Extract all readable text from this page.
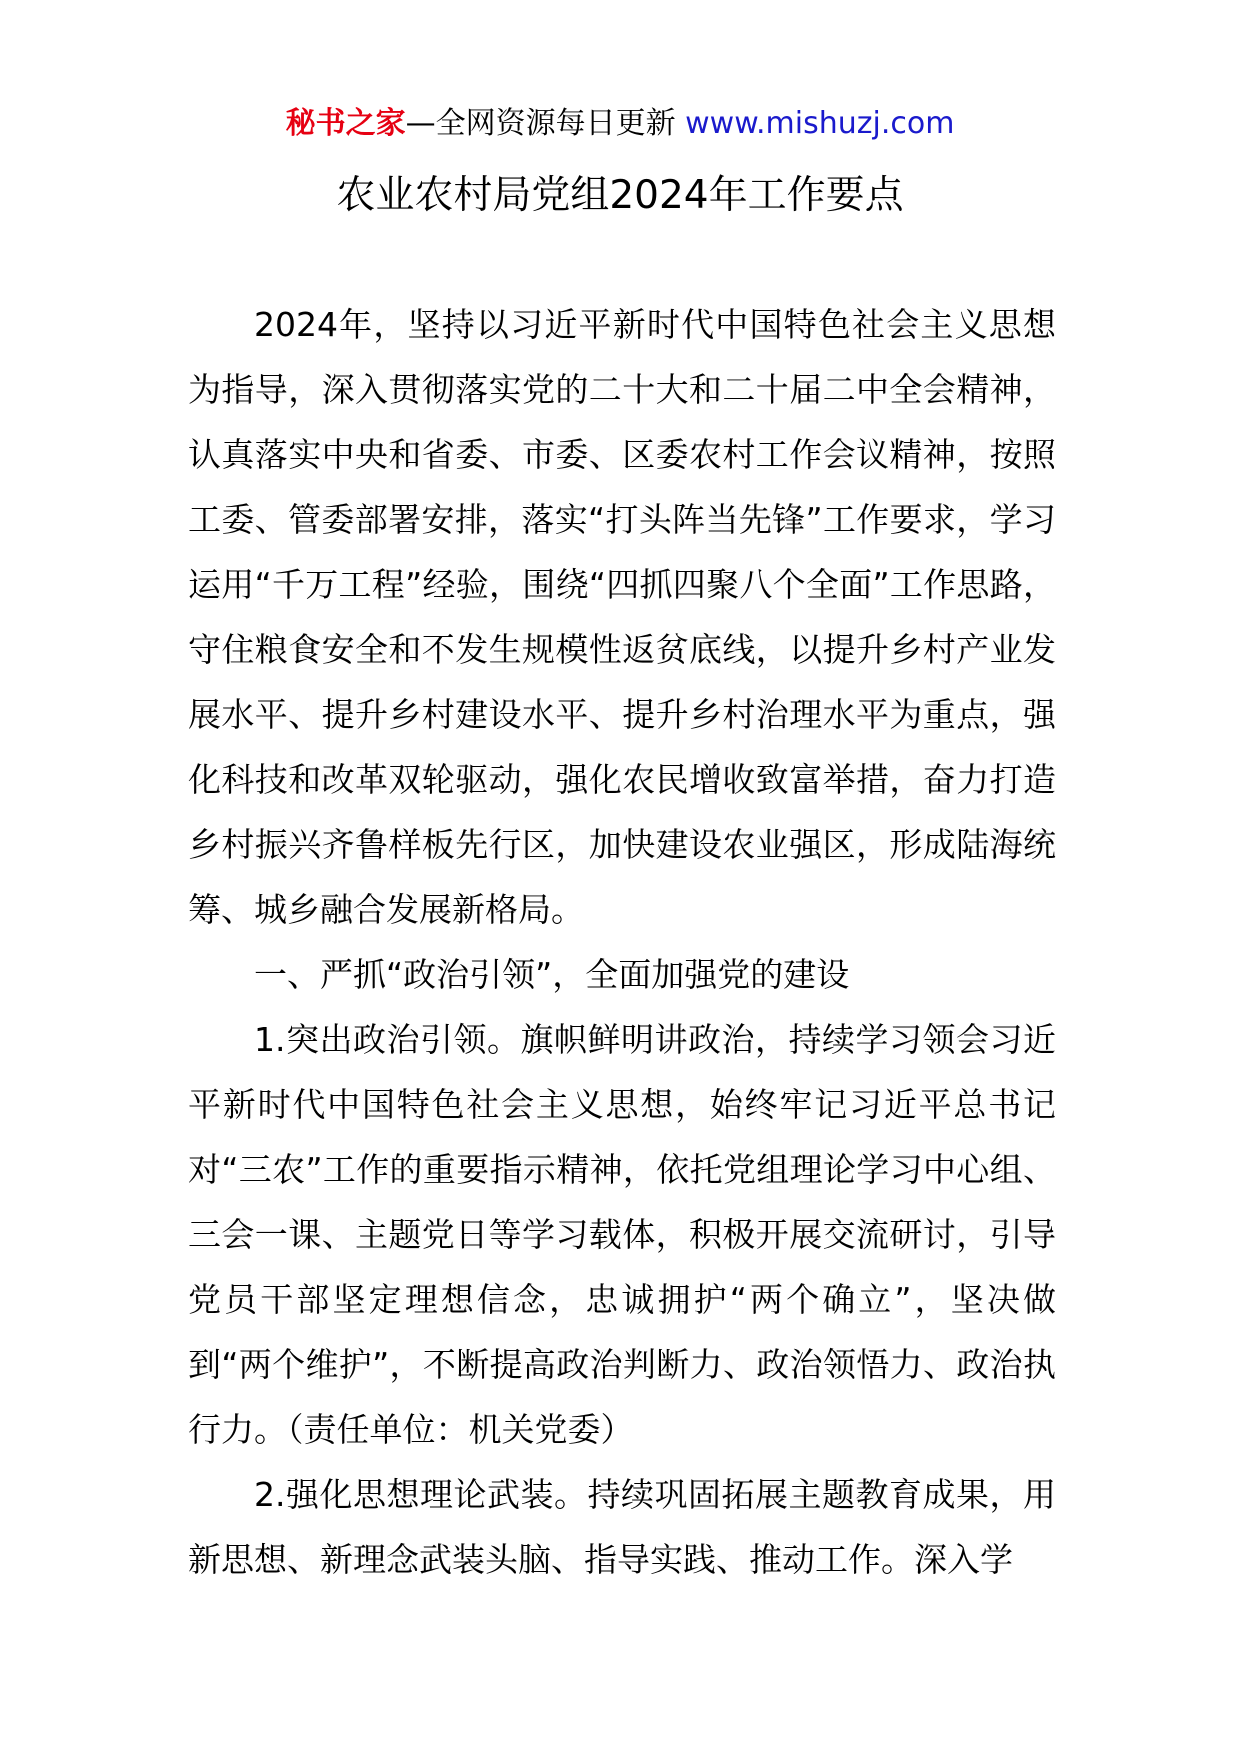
秘书之家—全网资源每日更新 www.mishuzj.com
农业农村局党组2024年工作要点

2024年，坚持以习近平新时代中国特色社会主义思想为指导，深入贯彻落实党的二十大和二十届二中全会精神，认真落实中央和省委、市委、区委农村工作会议精神，按照工委、管委部署安排，落实“打头阵当先锋”工作要求，学习运用“千万工程”经验，围绕“四抓四聚八个全面”工作思路，守住粮食安全和不发生规模性返贫底线，以提升乡村产业发展水平、提升乡村建设水平、提升乡村治理水平为重点，强化科技和改革双轮驱动，强化农民增收致富举措，奋力打造乡村振兴齐鲁样板先行区，加快建设农业强区，形成陆海统筹、城乡融合发展新格局。

一、严抓“政治引领”，全面加强党的建设

1.突出政治引领。旗帜鲜明讲政治，持续学习领会习近平新时代中国特色社会主义思想，始终牢记习近平总书记对“三农”工作的重要指示精神，依托党组理论学习中心组、三会一课、主题党日等学习载体，积极开展交流研讨，引导党员干部坚定理想信念，忠诚拥护“两个确立”，坚决做到“两个维护”，不断提高政治判断力、政治领悟力、政治执行力。（责任单位：机关党委）

2.强化思想理论武装。持续巩固拓展主题教育成果，用新思想、新理念武装头脑、指导实践、推动工作。深入学
